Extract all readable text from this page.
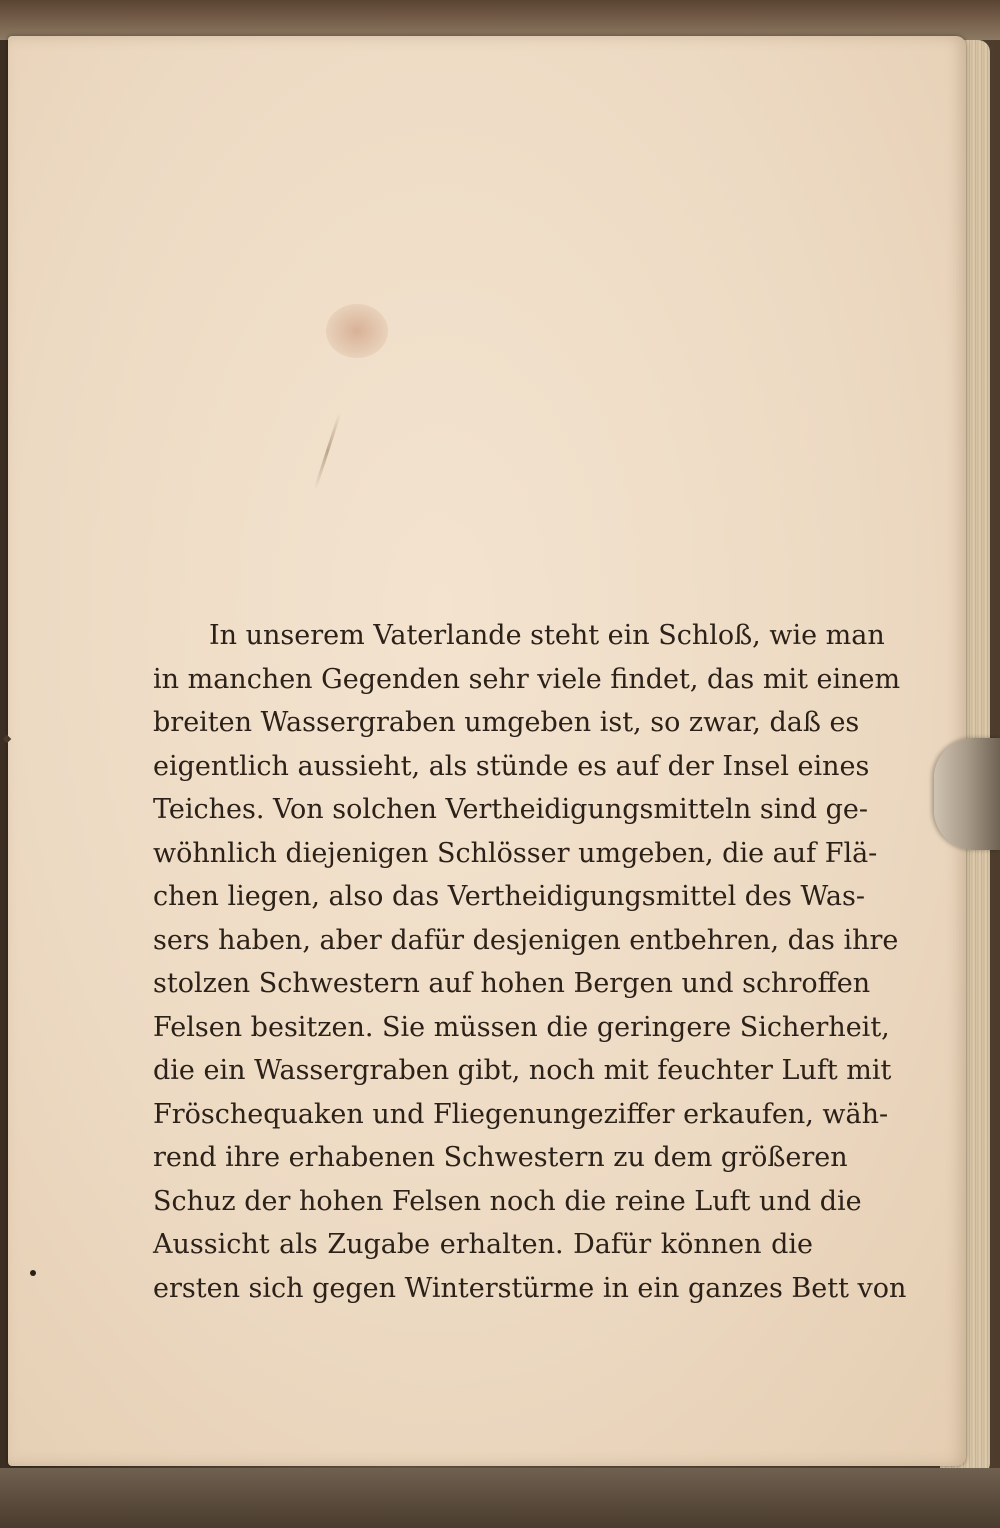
In unserem Vaterlande steht ein Schloß, wie man
in manchen Gegenden sehr viele findet, das mit einem
breiten Wassergraben umgeben ist, so zwar, daß es
eigentlich aussieht, als stünde es auf der Insel eines
Teiches. Von solchen Vertheidigungsmitteln sind ge-
wöhnlich diejenigen Schlösser umgeben, die auf Flä-
chen liegen, also das Vertheidigungsmittel des Was-
sers haben, aber dafür desjenigen entbehren, das ihre
stolzen Schwestern auf hohen Bergen und schroffen
Felsen besitzen. Sie müssen die geringere Sicherheit,
die ein Wassergraben gibt, noch mit feuchter Luft mit
Fröschequaken und Fliegenungeziffer erkaufen, wäh-
rend ihre erhabenen Schwestern zu dem größeren
Schuz der hohen Felsen noch die reine Luft und die
Aussicht als Zugabe erhalten. Dafür können die
ersten sich gegen Winterstürme in ein ganzes Bett von
